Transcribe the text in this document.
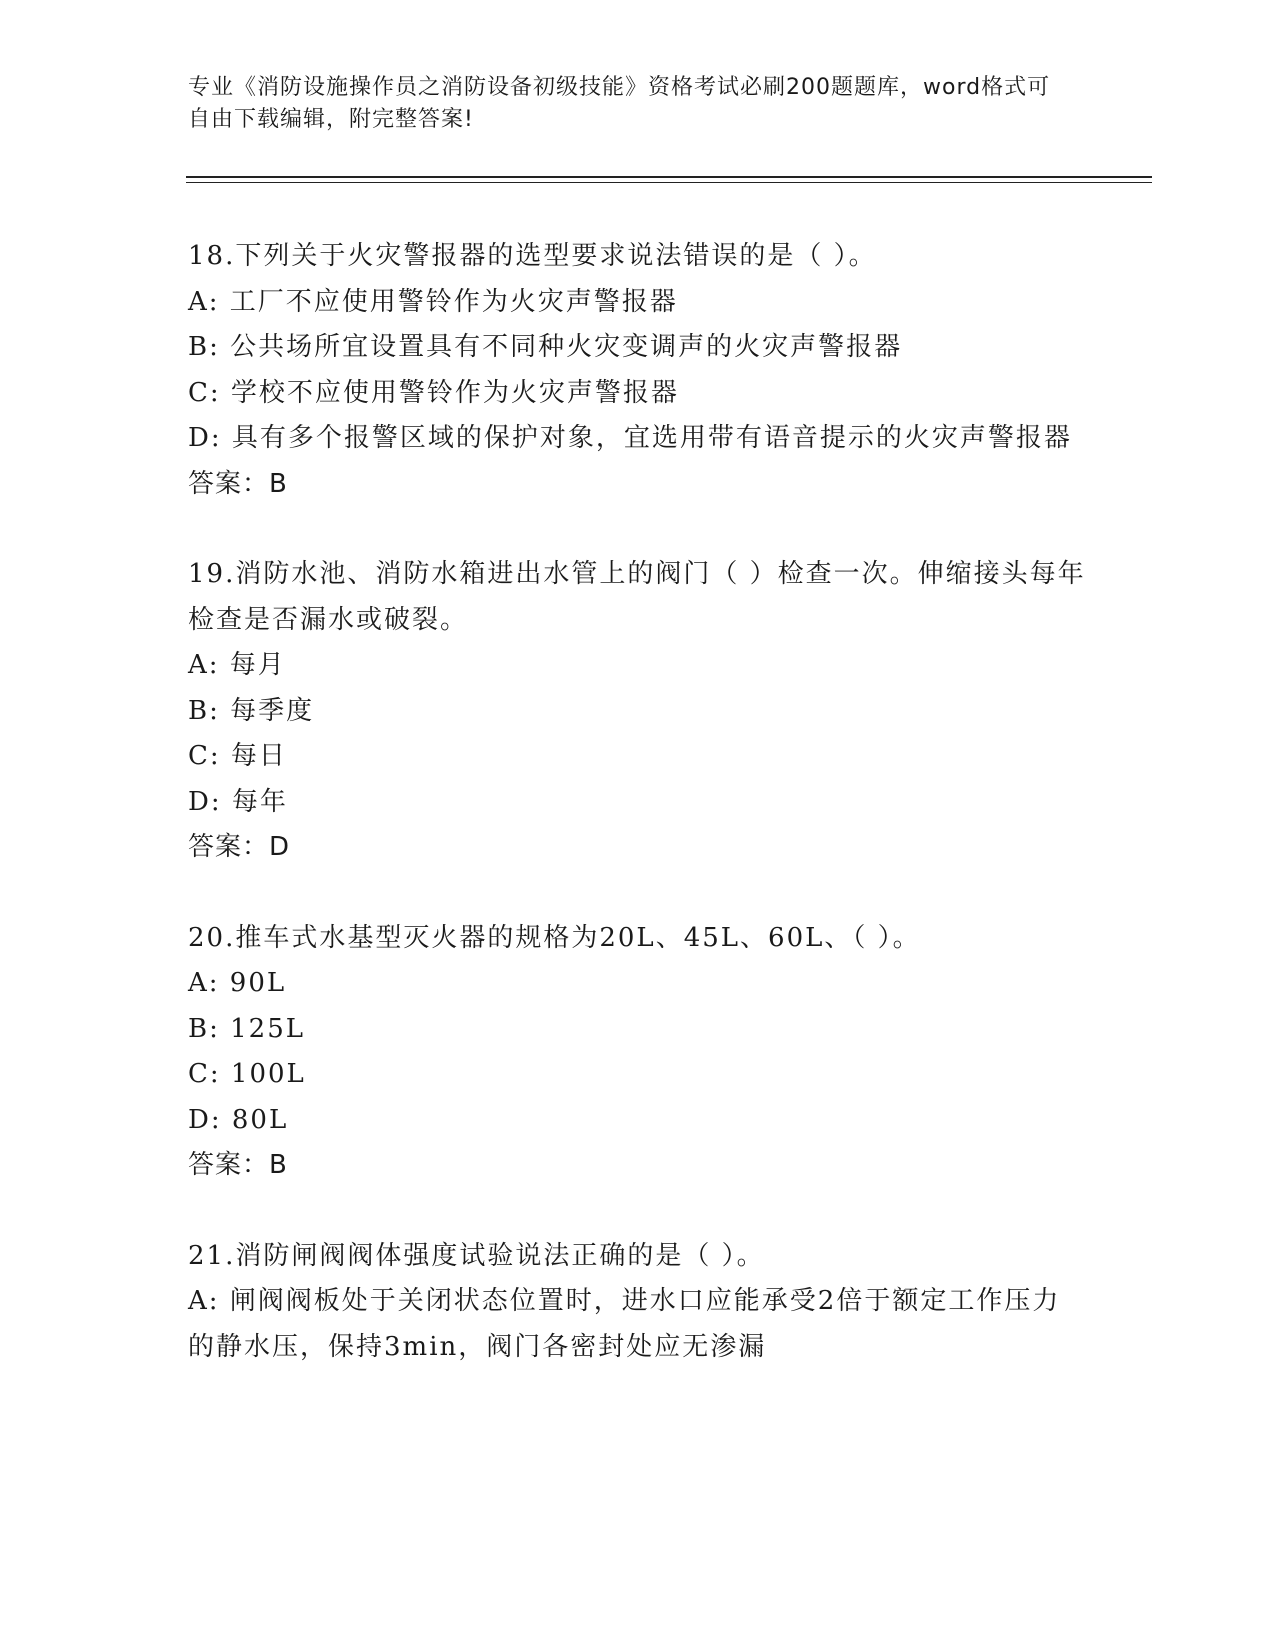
专业《消防设施操作员之消防设备初级技能》资格考试必刷200题题库，word格式可自由下载编辑，附完整答案!

18.下列关于火灾警报器的选型要求说法错误的是（ ）。

A: 工厂不应使用警铃作为火灾声警报器

B: 公共场所宜设置具有不同种火灾变调声的火灾声警报器

C: 学校不应使用警铃作为火灾声警报器

D: 具有多个报警区域的保护对象，宜选用带有语音提示的火灾声警报器

答案：B

19.消防水池、消防水箱进出水管上的阀门（ ）检查一次。伸缩接头每年检查是否漏水或破裂。

A: 每月

B: 每季度

C: 每日

D: 每年

答案：D

20.推车式水基型灭火器的规格为20L、45L、60L、（ ）。

A: 90L

B: 125L

C: 100L

D: 80L

答案：B

21.消防闸阀阀体强度试验说法正确的是（ ）。

A: 闸阀阀板处于关闭状态位置时，进水口应能承受2倍于额定工作压力的静水压，保持3min，阀门各密封处应无渗漏
